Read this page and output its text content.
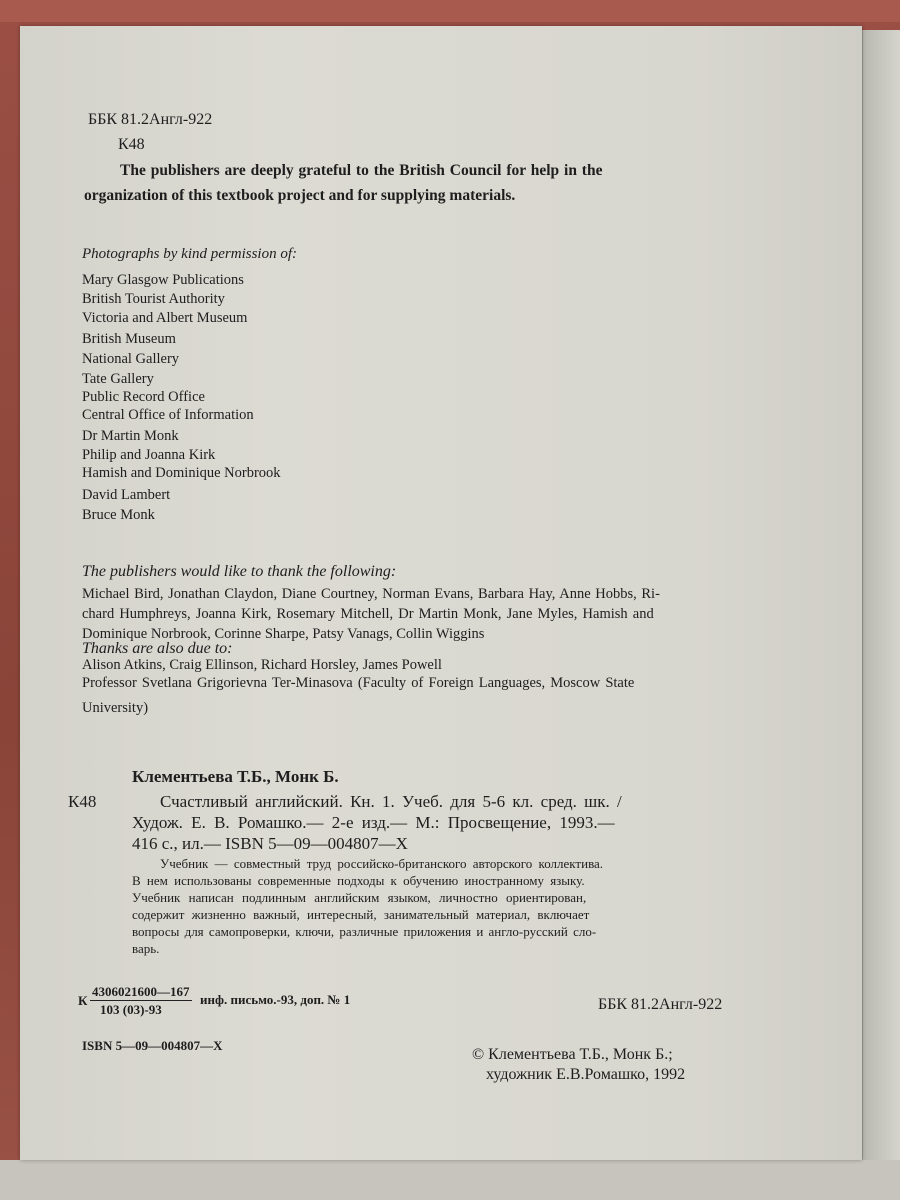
ББК 81.2Англ-922
К48
The publishers are deeply grateful to the British Council for help in the
organization of this textbook project and for supplying materials.
Photographs by kind permission of:
Mary Glasgow Publications
British Tourist Authority
Victoria and Albert Museum
British Museum
National Gallery
Tate Gallery
Public Record Office
Central Office of Information
Dr Martin Monk
Philip and Joanna Kirk
Hamish and Dominique Norbrook
David Lambert
Bruce Monk
The publishers would like to thank the following:
Michael Bird, Jonathan Claydon, Diane Courtney, Norman Evans, Barbara Hay, Anne Hobbs, Ri-
chard Humphreys, Joanna Kirk, Rosemary Mitchell, Dr Martin Monk, Jane Myles, Hamish and
Dominique Norbrook, Corinne Sharpe, Patsy Vanags, Collin Wiggins
Thanks are also due to:
Alison Atkins, Craig Ellinson, Richard Horsley, James Powell
Professor Svetlana Grigorievna Ter-Minasova (Faculty of Foreign Languages, Moscow State
University)
Клементьева Т.Б., Монк Б.
К48	Счастливый английский. Кн. 1. Учеб. для 5-6 кл. сред. шк. /
Худож. Е. В. Ромашко.— 2-е изд.— М.: Просвещение, 1993.—
416 с., ил.— ISBN 5—09—004807—X
Учебник — совместный труд российско-британского авторского коллектива.
В нем использованы современные подходы к обучению иностранному языку.
Учебник написан подлинным английским языком, личностно ориентирован,
содержит жизненно важный, интересный, занимательный материал, включает
вопросы для самопроверки, ключи, различные приложения и англо-русский сло-
варь.
К
4306021600—167
103 (03)-93
инф. письмо.-93, доп. № 1	ББК 81.2Англ-922
ISBN 5—09—004807—X
© Клементьева Т.Б., Монк Б.;
художник Е.В.Ромашко, 1992
